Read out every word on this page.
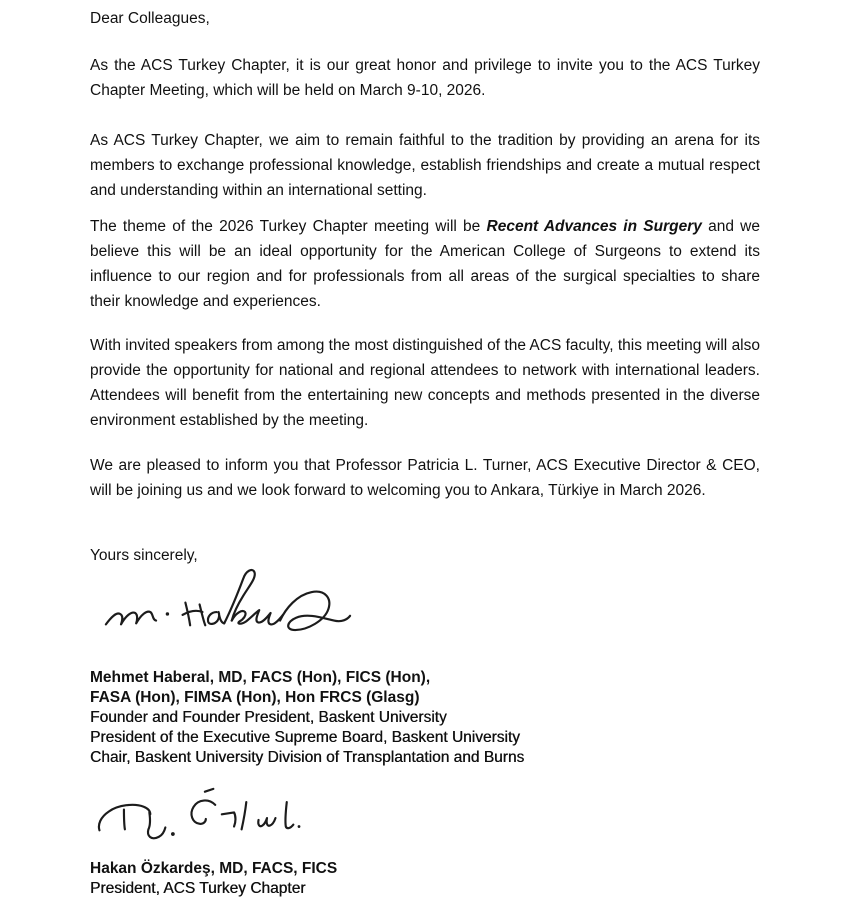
Dear Colleagues,

As the ACS Turkey Chapter, it is our great honor and privilege to invite you to the ACS Turkey Chapter Meeting, which will be held on March 9-10, 2026.

As ACS Turkey Chapter, we aim to remain faithful to the tradition by providing an arena for its members to exchange professional knowledge, establish friendships and create a mutual respect and understanding within an international setting.

The theme of the 2026 Turkey Chapter meeting will be Recent Advances in Surgery and we believe this will be an ideal opportunity for the American College of Surgeons to extend its influence to our region and for professionals from all areas of the surgical specialties to share their knowledge and experiences.

With invited speakers from among the most distinguished of the ACS faculty, this meeting will also provide the opportunity for national and regional attendees to network with international leaders. Attendees will benefit from the entertaining new concepts and methods presented in the diverse environment established by the meeting.

We are pleased to inform you that Professor Patricia L. Turner, ACS Executive Director & CEO, will be joining us and we look forward to welcoming you to Ankara, Türkiye in March 2026.

Yours sincerely,
Mehmet Haberal, MD, FACS (Hon), FICS (Hon),
FASA (Hon), FIMSA (Hon), Hon FRCS (Glasg)
Founder and Founder President, Baskent University
President of the Executive Supreme Board, Baskent University
Chair, Baskent University Division of Transplantation and Burns
Hakan Özkardeş, MD, FACS, FICS
President, ACS Turkey Chapter
